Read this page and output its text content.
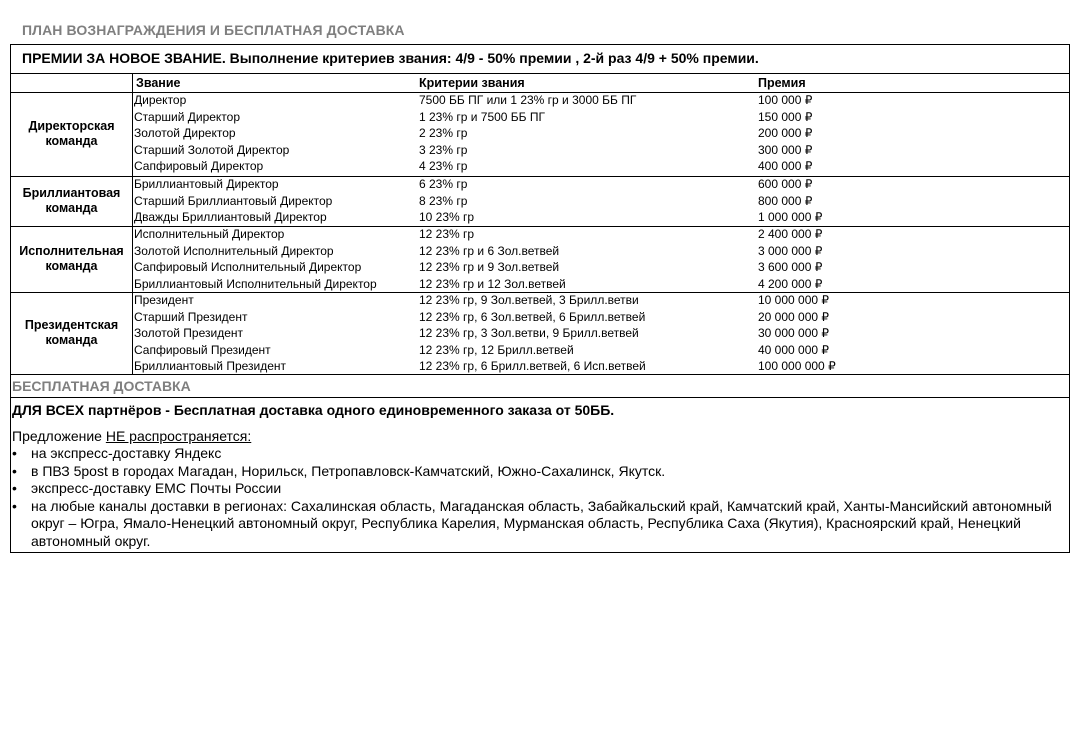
ПЛАН ВОЗНАГРАЖДЕНИЯ И БЕСПЛАТНАЯ ДОСТАВКА
ПРЕМИИ ЗА НОВОЕ ЗВАНИЕ. Выполнение критериев звания: 4/9 - 50% премии , 2-й раз 4/9 + 50% премии.
Звание	Критерии звания	Премия
Директорская команда
Директор	7500 ББ ПГ или 1 23% гр и 3000 ББ ПГ	100 000 ₽
Старший Директор	1 23% гр и 7500 ББ ПГ	150 000 ₽
Золотой Директор	2 23% гр	200 000 ₽
Старший Золотой Директор	3 23% гр	300 000 ₽
Сапфировый Директор	4 23% гр	400 000 ₽
Бриллиантовая команда
Бриллиантовый Директор	6 23% гр	600 000 ₽
Старший Бриллиантовый Директор	8 23% гр	800 000 ₽
Дважды Бриллиантовый Директор	10 23% гр	1 000 000 ₽
Исполнительная команда
Исполнительный Директор	12 23% гр	2 400 000 ₽
Золотой Исполнительный Директор	12 23% гр и 6 Зол.ветвей	3 000 000 ₽
Сапфировый Исполнительный Директор	12 23% гр и 9 Зол.ветвей	3 600 000 ₽
Бриллиантовый Исполнительный Директор	12 23% гр и 12 Зол.ветвей	4 200 000 ₽
Президентская команда
Президент	12 23% гр, 9 Зол.ветвей, 3 Брилл.ветви	10 000 000 ₽
Старший Президент	12 23% гр, 6 Зол.ветвей, 6 Брилл.ветвей	20 000 000 ₽
Золотой Президент	12 23% гр, 3 Зол.ветви, 9 Брилл.ветвей	30 000 000 ₽
Сапфировый Президент	12 23% гр, 12 Брилл.ветвей	40 000 000 ₽
Бриллиантовый Президент	12 23% гр, 6 Брилл.ветвей, 6 Исп.ветвей	100 000 000 ₽
БЕСПЛАТНАЯ ДОСТАВКА
ДЛЯ ВСЕХ партнёров - Бесплатная доставка одного единовременного заказа от 50ББ.
Предложение НЕ распространяется:
•	на экспресс-доставку Яндекс
•	в ПВЗ 5post в городах Магадан, Норильск, Петропавловск-Камчатский, Южно-Сахалинск, Якутск.
•	экспресс-доставку ЕМС Почты России
•	на любые каналы доставки в регионах: Сахалинская область, Магаданская область, Забайкальский край, Камчатский край, Ханты-Мансийский автономный округ – Югра, Ямало-Ненецкий автономный округ, Республика Карелия, Мурманская область, Республика Саха (Якутия), Красноярский край, Ненецкий автономный округ.
